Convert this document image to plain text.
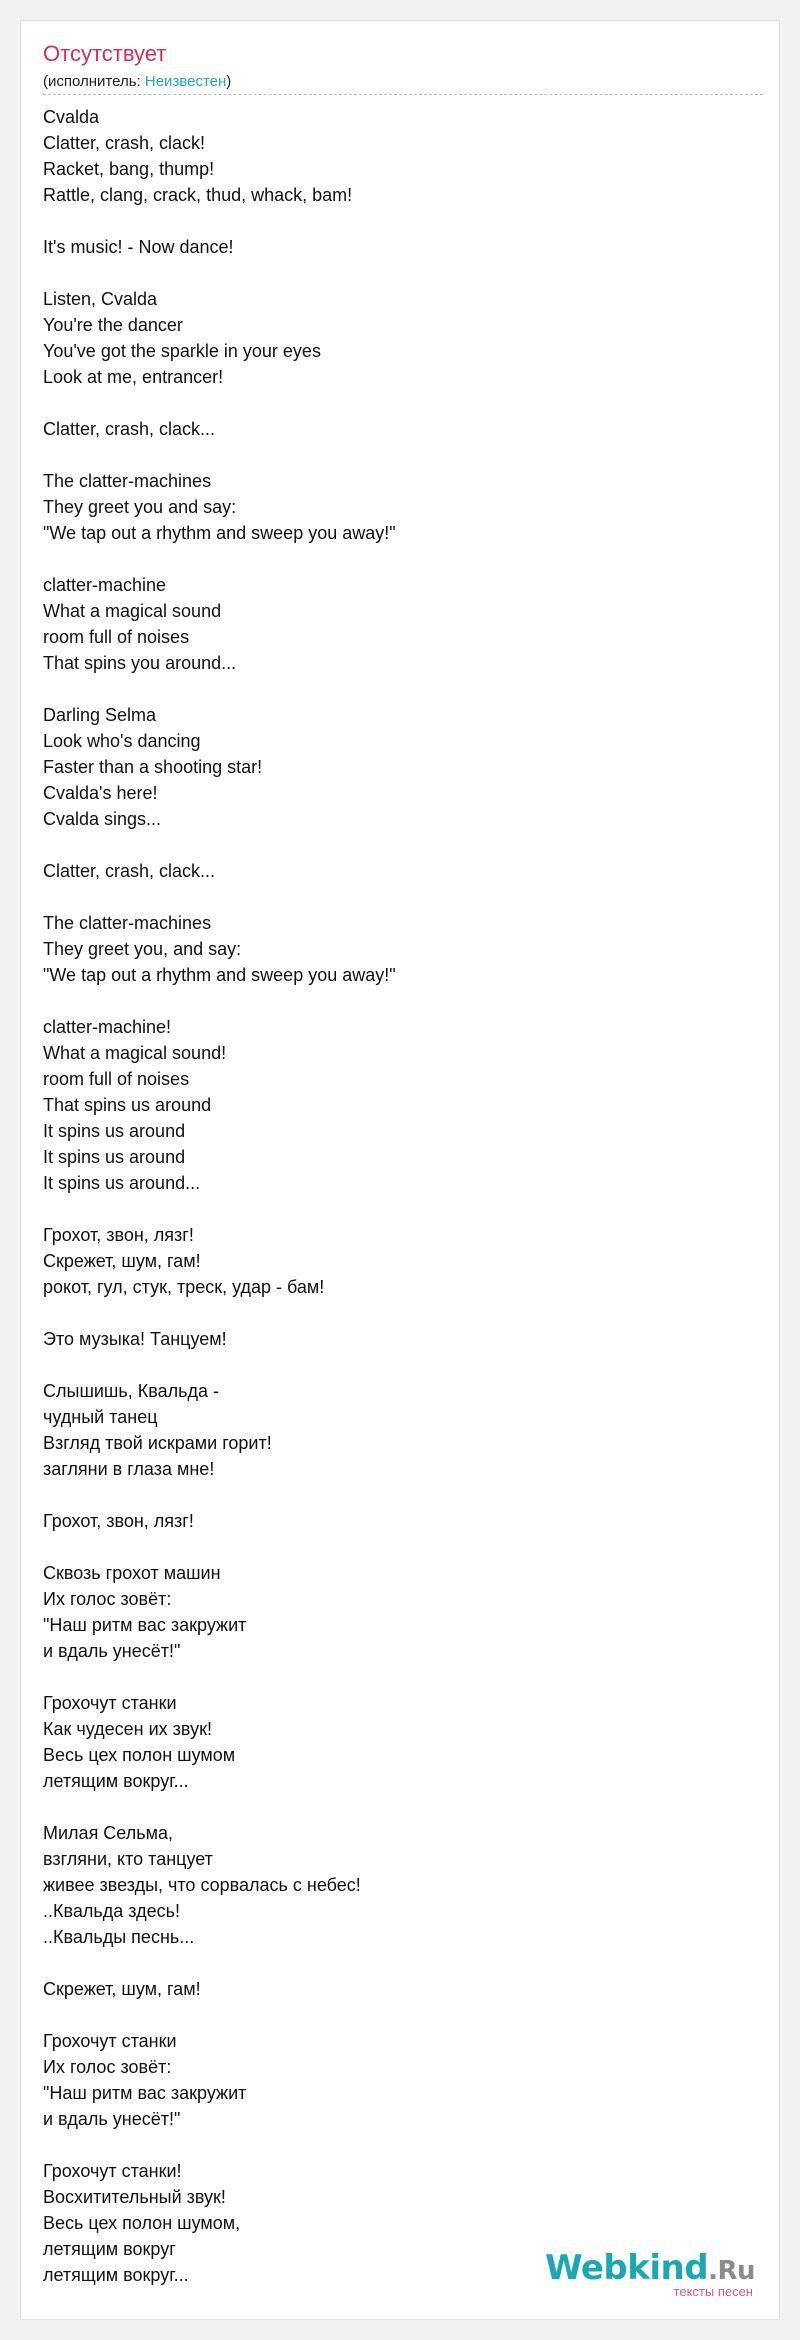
Отсутствует
(исполнитель: Неизвестен)
Cvalda
Clatter, crash, clack!
Racket, bang, thump!
Rattle, clang, crack, thud, whack, bam!
It's music! - Now dance!
Listen, Cvalda
You're the dancer
You've got the sparkle in your eyes
Look at me, entrancer!
Clatter, crash, clack...
The clatter-machines
They greet you and say:
"We tap out a rhythm and sweep you away!"
clatter-machine
What a magical sound
room full of noises
That spins you around...
Darling Selma
Look who's dancing
Faster than a shooting star!
Cvalda's here!
Cvalda sings...
Clatter, crash, clack...
The clatter-machines
They greet you, and say:
"We tap out a rhythm and sweep you away!"
clatter-machine!
What a magical sound!
room full of noises
That spins us around
It spins us around
It spins us around
It spins us around...
Грохот, звон, лязг!
Скрежет, шум, гам!
рокот, гул, стук, треск, удар - бам!
Это музыка! Танцуем!
Слышишь, Квальда -
чудный танец
Взгляд твой искрами горит!
загляни в глаза мне!
Грохот, звон, лязг!
Сквозь грохот машин
Их голос зовёт:
"Наш ритм вас закружит
и вдаль унесёт!"
Грохочут станки
Как чудесен их звук!
Весь цех полон шумом
летящим вокруг...
Милая Сельма,
взгляни, кто танцует
живее звезды, что сорвалась с небес!
..Квальда здесь!
..Квальды песнь...
Скрежет, шум, гам!
Грохочут станки
Их голос зовёт:
"Наш ритм вас закружит
и вдаль унесёт!"
Грохочут станки!
Восхитительный звук!
Весь цех полон шумом,
летящим вокруг
летящим вокруг...	Webkind.Ru
тексты песен
